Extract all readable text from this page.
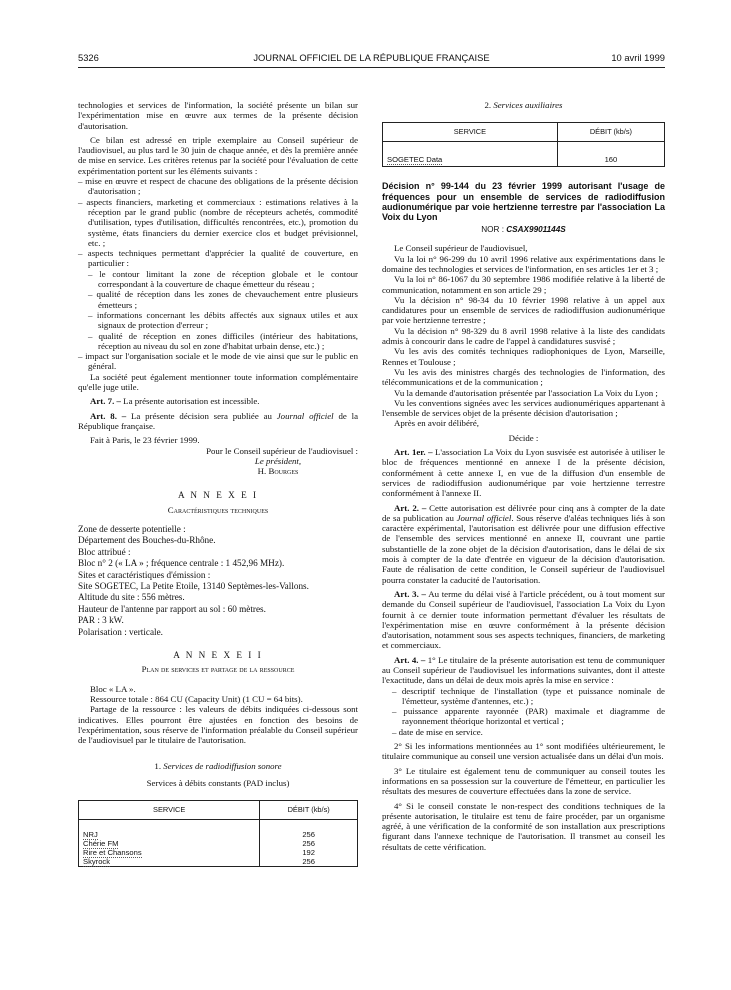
5326	JOURNAL OFFICIEL DE LA RÉPUBLIQUE FRANÇAISE	10 avril 1999

technologies et services de l'information, la société présente un bilan sur l'expérimentation mise en œuvre aux termes de la présente décision d'autorisation.

Ce bilan est adressé en triple exemplaire au Conseil supérieur de l'audiovisuel, au plus tard le 30 juin de chaque année, et dès la première année de mise en service. Les critères retenus par la société pour l'évaluation de cette expérimentation portent sur les éléments suivants :

– mise en œuvre et respect de chacune des obligations de la présente décision d'autorisation ;
– aspects financiers, marketing et commerciaux : estimations relatives à la réception par le grand public (nombre de récepteurs achetés, commodité d'utilisation, types d'utilisation, difficultés rencontrées, etc.), promotion du système, états financiers du dernier exercice clos et budget prévisionnel, etc. ;
– aspects techniques permettant d'apprécier la qualité de couverture, en particulier :
– le contour limitant la zone de réception globale et le contour correspondant à la couverture de chaque émetteur du réseau ;
– qualité de réception dans les zones de chevauchement entre plusieurs émetteurs ;
– informations concernant les débits affectés aux signaux utiles et aux signaux de protection d'erreur ;
– qualité de réception en zones difficiles (intérieur des habitations, réception au niveau du sol en zone d'habitat urbain dense, etc.) ;
– impact sur l'organisation sociale et le mode de vie ainsi que sur le public en général.

La société peut également mentionner toute information complémentaire qu'elle juge utile.

Art. 7. – La présente autorisation est incessible.

Art. 8. – La présente décision sera publiée au Journal officiel de la République française.

Fait à Paris, le 23 février 1999.

Pour le Conseil supérieur de l'audiovisuel :

Le président,

H. Bourges

A N N E X E I
Caractéristiques techniques

Zone de desserte potentielle :

Département des Bouches-du-Rhône.

Bloc attribué :

Bloc n° 2 (« LA » ; fréquence centrale : 1 452,96 MHz).

Sites et caractéristiques d'émission :

Site SOGETEC, La Petite Etoile, 13140 Septèmes-les-Vallons.

Altitude du site : 556 mètres.

Hauteur de l'antenne par rapport au sol : 60 mètres.

PAR : 3 kW.

Polarisation : verticale.

A N N E X E I I
Plan de services et partage de la ressource

Bloc « LA ».

Ressource totale : 864 CU (Capacity Unit) (1 CU = 64 bits).

Partage de la ressource : les valeurs de débits indiquées ci-dessous sont indicatives. Elles pourront être ajustées en fonction des besoins de l'expérimentation, sous réserve de l'information préalable du Conseil supérieur de l'audiovisuel par le titulaire de l'autorisation.

1. Services de radiodiffusion sonore

Services à débits constants (PAD inclus)

SERVICE	DÉBIT (kb/s)

NRJ	256
Chérie FM	256
Rire et Chansons	192
Skyrock	256

2. Services auxiliaires

SERVICE	DÉBIT (kb/s)

SOGETEC Data	160

Décision n° 99-144 du 23 février 1999 autorisant l'usage de fréquences pour un ensemble de services de radiodiffusion audionumérique par voie hertzienne terrestre par l'association La Voix du Lyon

NOR : CSAX9901144S

Le Conseil supérieur de l'audiovisuel,

Vu la loi n° 96-299 du 10 avril 1996 relative aux expérimentations dans le domaine des technologies et services de l'information, en ses articles 1er et 3 ;

Vu la loi n° 86-1067 du 30 septembre 1986 modifiée relative à la liberté de communication, notamment en son article 29 ;

Vu la décision n° 98-34 du 10 février 1998 relative à un appel aux candidatures pour un ensemble de services de radiodiffusion audionumérique par voie hertzienne terrestre ;

Vu la décision n° 98-329 du 8 avril 1998 relative à la liste des candidats admis à concourir dans le cadre de l'appel à candidatures susvisé ;

Vu les avis des comités techniques radiophoniques de Lyon, Marseille, Rennes et Toulouse ;

Vu les avis des ministres chargés des technologies de l'information, des télécommunications et de la communication ;

Vu la demande d'autorisation présentée par l'association La Voix du Lyon ;

Vu les conventions signées avec les services audionumériques appartenant à l'ensemble de services objet de la présente décision d'autorisation ;

Après en avoir délibéré,

Décide :

Art. 1er. – L'association La Voix du Lyon susvisée est autorisée à utiliser le bloc de fréquences mentionné en annexe I de la présente décision, conformément à cette annexe I, en vue de la diffusion d'un ensemble de services de radiodiffusion audionumérique par voie hertzienne terrestre conformément à l'annexe II.

Art. 2. – Cette autorisation est délivrée pour cinq ans à compter de la date de sa publication au Journal officiel. Sous réserve d'aléas techniques liés à son caractère expérimental, l'autorisation est délivrée pour une diffusion effective de l'ensemble des services mentionné en annexe II, couvrant une partie substantielle de la zone objet de la décision d'autorisation, dans le délai de six mois à compter de la date d'entrée en vigueur de la décision d'autorisation. Faute de réalisation de cette condition, le Conseil supérieur de l'audiovisuel pourra constater la caducité de l'autorisation.

Art. 3. – Au terme du délai visé à l'article précédent, ou à tout moment sur demande du Conseil supérieur de l'audiovisuel, l'association La Voix du Lyon fournit à ce dernier toute information permettant d'évaluer les résultats de l'expérimentation mise en œuvre conformément à la présente décision d'autorisation, notamment sous ses aspects techniques, financiers, de marketing et commerciaux.

Art. 4. – 1° Le titulaire de la présente autorisation est tenu de communiquer au Conseil supérieur de l'audiovisuel les informations suivantes, dont il atteste l'exactitude, dans un délai de deux mois après la mise en service :

– descriptif technique de l'installation (type et puissance nominale de l'émetteur, système d'antennes, etc.) ;
– puissance apparente rayonnée (PAR) maximale et diagramme de rayonnement théorique horizontal et vertical ;
– date de mise en service.

2° Si les informations mentionnées au 1° sont modifiées ultérieurement, le titulaire communique au conseil une version actualisée dans un délai d'un mois.

3° Le titulaire est également tenu de communiquer au conseil toutes les informations en sa possession sur la couverture de l'émetteur, en particulier les résultats des mesures de couverture effectuées dans la zone de service.

4° Si le conseil constate le non-respect des conditions techniques de la présente autorisation, le titulaire est tenu de faire procéder, par un organisme agréé, à une vérification de la conformité de son installation aux prescriptions figurant dans l'annexe technique de l'autorisation. Il transmet au conseil les résultats de cette vérification.
